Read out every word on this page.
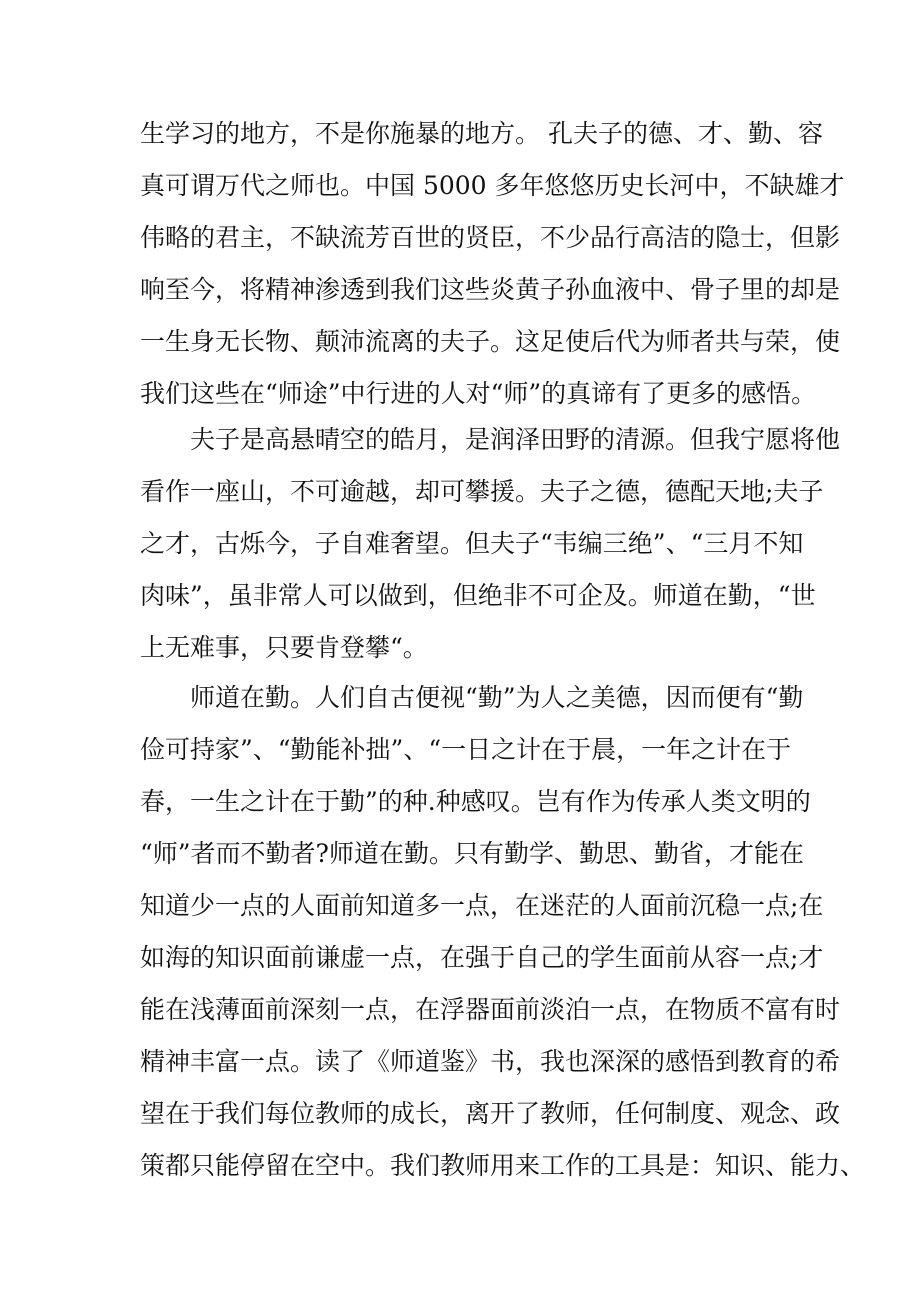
生学习的地方，不是你施暴的地方。 孔夫子的德、才、勤、容
真可谓万代之师也。中国 5000 多年悠悠历史长河中，不缺雄才
伟略的君主，不缺流芳百世的贤臣，不少品行高洁的隐士，但影
响至今，将精神渗透到我们这些炎黄子孙血液中、骨子里的却是
一生身无长物、颠沛流离的夫子。这足使后代为师者共与荣，使
我们这些在“师途”中行进的人对“师”的真谛有了更多的感悟。
　　夫子是高悬晴空的皓月，是润泽田野的清源。但我宁愿将他
看作一座山，不可逾越，却可攀援。夫子之德，德配天地;夫子
之才，古烁今，子自难奢望。但夫子“韦编三绝”、“三月不知
肉味”，虽非常人可以做到，但绝非不可企及。师道在勤，“世
上无难事，只要肯登攀“。
　　师道在勤。人们自古便视“勤”为人之美德，因而便有“勤
俭可持家”、“勤能补拙”、“一日之计在于晨，一年之计在于
春，一生之计在于勤”的种.种感叹。岂有作为传承人类文明的
“师”者而不勤者?师道在勤。只有勤学、勤思、勤省，才能在
知道少一点的人面前知道多一点，在迷茫的人面前沉稳一点;在
如海的知识面前谦虚一点，在强于自己的学生面前从容一点;才
能在浅薄面前深刻一点，在浮器面前淡泊一点，在物质不富有时
精神丰富一点。读了《师道鉴》书，我也深深的感悟到教育的希
望在于我们每位教师的成长，离开了教师，任何制度、观念、政
策都只能停留在空中。我们教师用来工作的工具是：知识、能力、
